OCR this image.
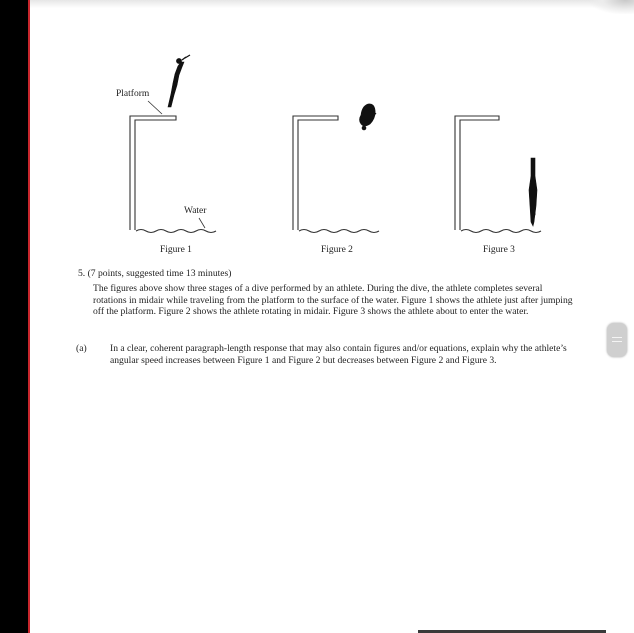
Platform
Water
Figure 1	Figure 2	Figure 3
5. (7 points, suggested time 13 minutes)
The figures above show three stages of a dive performed by an athlete. During the dive, the athlete completes several rotations in midair while traveling from the platform to the surface of the water. Figure 1 shows the athlete just after jumping off the platform. Figure 2 shows the athlete rotating in midair. Figure 3 shows the athlete about to enter the water.
(a) In a clear, coherent paragraph-length response that may also contain figures and/or equations, explain why the athlete’s angular speed increases between Figure 1 and Figure 2 but decreases between Figure 2 and Figure 3.
